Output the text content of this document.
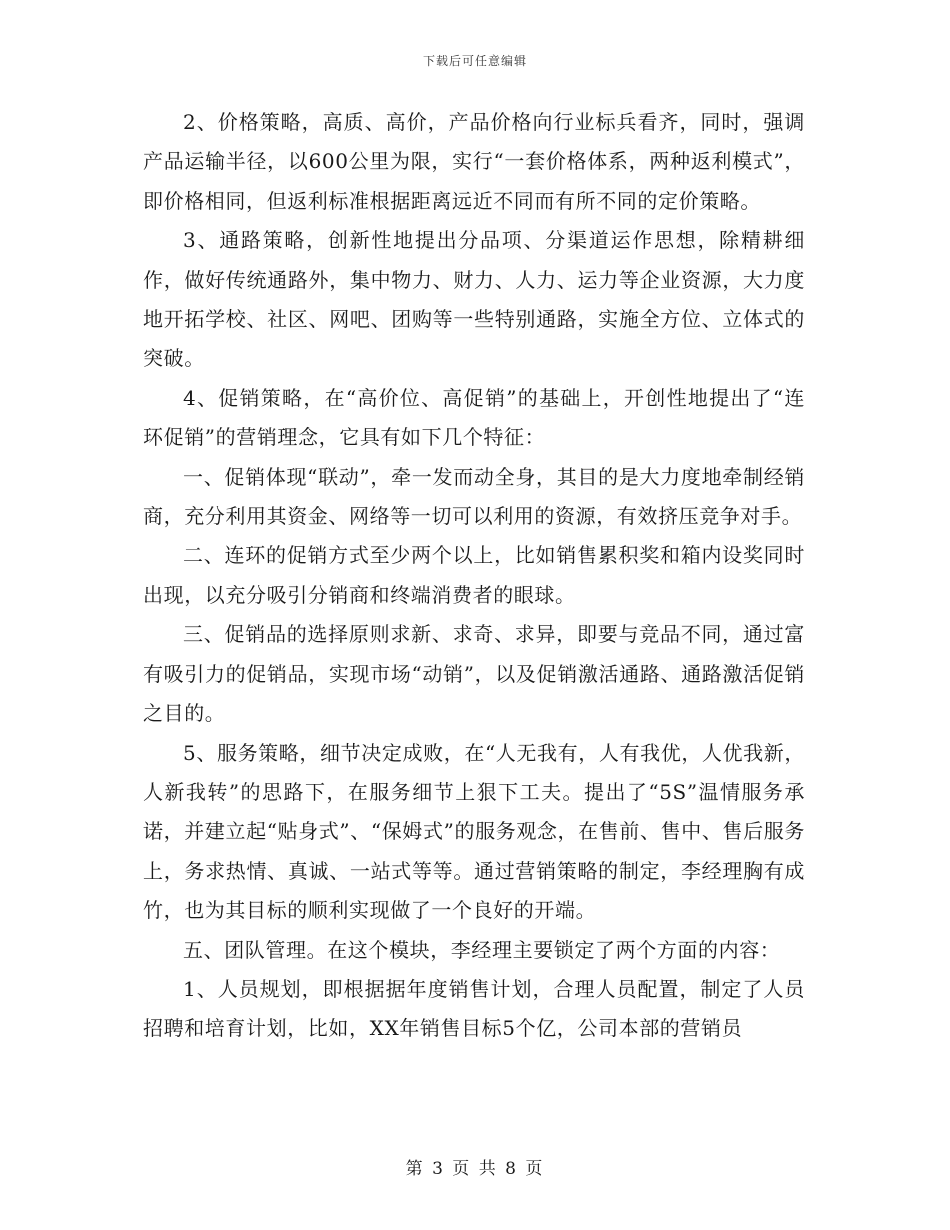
下载后可任意编辑

2、价格策略，高质、高价，产品价格向行业标兵看齐，同时，强调产品运输半径，以600公里为限，实行“一套价格体系，两种返利模式”，即价格相同，但返利标准根据距离远近不同而有所不同的定价策略。

3、通路策略，创新性地提出分品项、分渠道运作思想，除精耕细作，做好传统通路外，集中物力、财力、人力、运力等企业资源，大力度地开拓学校、社区、网吧、团购等一些特别通路，实施全方位、立体式的突破。

4、促销策略，在“高价位、高促销”的基础上，开创性地提出了“连环促销”的营销理念，它具有如下几个特征：

一、促销体现“联动”，牵一发而动全身，其目的是大力度地牵制经销商，充分利用其资金、网络等一切可以利用的资源，有效挤压竞争对手。

二、连环的促销方式至少两个以上，比如销售累积奖和箱内设奖同时出现，以充分吸引分销商和终端消费者的眼球。

三、促销品的选择原则求新、求奇、求异，即要与竞品不同，通过富有吸引力的促销品，实现市场“动销”，以及促销激活通路、通路激活促销之目的。

5、服务策略，细节决定成败，在“人无我有，人有我优，人优我新，人新我转”的思路下，在服务细节上狠下工夫。提出了“5S”温情服务承诺，并建立起“贴身式”、“保姆式”的服务观念，在售前、售中、售后服务上，务求热情、真诚、一站式等等。通过营销策略的制定，李经理胸有成竹，也为其目标的顺利实现做了一个良好的开端。

五、团队管理。在这个模块，李经理主要锁定了两个方面的内容：

1、人员规划，即根据据年度销售计划，合理人员配置，制定了人员招聘和培育计划，比如，XX年销售目标5个亿，公司本部的营销员

第 3 页 共 8 页
